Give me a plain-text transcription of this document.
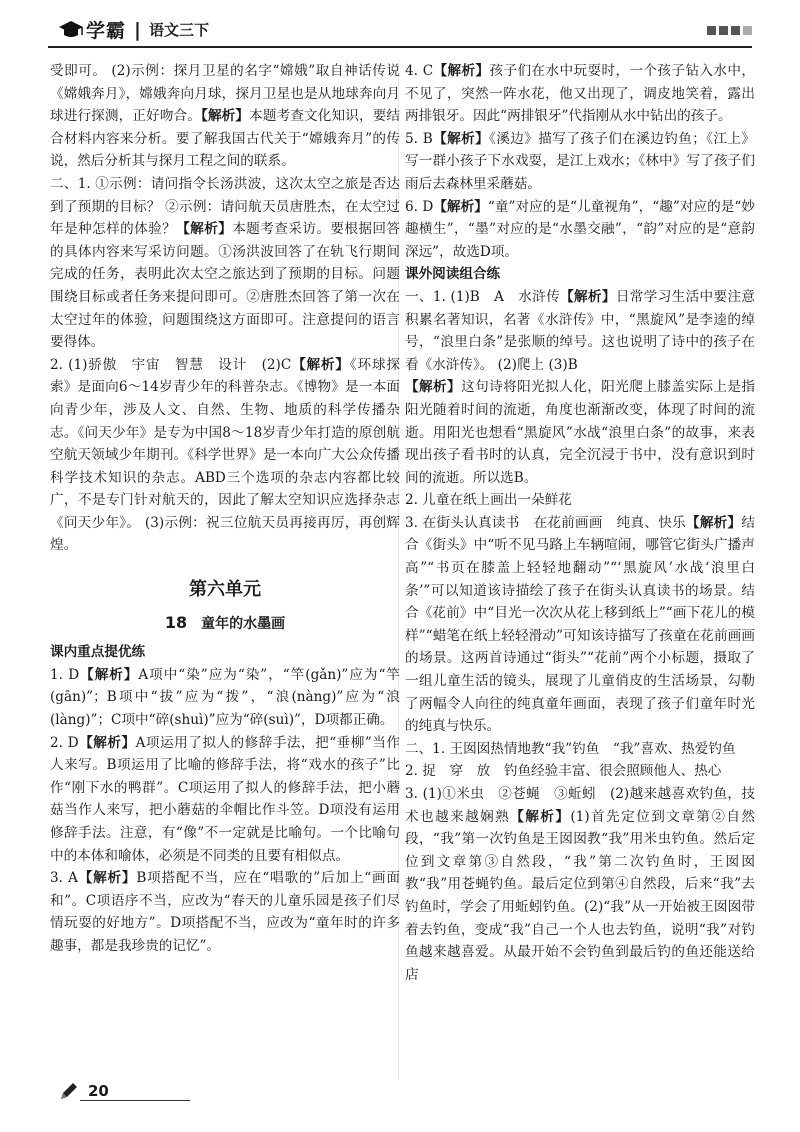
学霸 | 语文三下

受即可。 (2)示例：探月卫星的名字“嫦娥”取自神话传说《嫦娥奔月》，嫦娥奔向月球，探月卫星也是从地球奔向月球进行探测，正好吻合。【解析】本题考查文化知识，要结合材料内容来分析。要了解我国古代关于“嫦娥奔月”的传说，然后分析其与探月工程之间的联系。

二、1. ①示例：请问指令长汤洪波，这次太空之旅是否达到了预期的目标？ ②示例：请问航天员唐胜杰，在太空过年是种怎样的体验？【解析】本题考查采访。要根据回答的具体内容来写采访问题。①汤洪波回答了在轨飞行期间完成的任务，表明此次太空之旅达到了预期的目标。问题围绕目标或者任务来提问即可。②唐胜杰回答了第一次在太空过年的体验，问题围绕这方面即可。注意提问的语言要得体。

2. (1)骄傲　宇宙　智慧　设计　(2)C【解析】《环球探索》是面向6～14岁青少年的科普杂志。《博物》是一本面向青少年，涉及人文、自然、生物、地质的科学传播杂志。《问天少年》是专为中国8～18岁青少年打造的原创航空航天领域少年期刊。《科学世界》是一本向广大公众传播科学技术知识的杂志。ABD三个选项的杂志内容都比较广，不是专门针对航天的，因此了解太空知识应选择杂志《问天少年》。 (3)示例：祝三位航天员再接再厉，再创辉煌。

第六单元
18 童年的水墨画
课内重点提优练

1. D【解析】A项中“染”应为“染”，“竿(gǎn)”应为“竿(gān)”；B项中“拔”应为“拨”，“浪(nàng)”应为“浪(làng)”；C项中“碎(shuì)”应为“碎(suì)”，D项都正确。

2. D【解析】A项运用了拟人的修辞手法，把“垂柳”当作人来写。B项运用了比喻的修辞手法，将“戏水的孩子”比作“刚下水的鸭群”。C项运用了拟人的修辞手法，把小蘑菇当作人来写，把小蘑菇的伞帽比作斗笠。D项没有运用修辞手法。注意，有“像”不一定就是比喻句。一个比喻句中的本体和喻体，必须是不同类的且要有相似点。

3. A【解析】B项搭配不当，应在“唱歌的”后加上“画面和”。C项语序不当，应改为“春天的儿童乐园是孩子们尽情玩耍的好地方”。D项搭配不当，应改为“童年时的许多趣事，都是我珍贵的记忆”。

4. C【解析】孩子们在水中玩耍时，一个孩子钻入水中，不见了，突然一阵水花，他又出现了，调皮地笑着，露出两排银牙。因此“两排银牙”代指刚从水中钻出的孩子。

5. B【解析】《溪边》描写了孩子们在溪边钓鱼；《江上》写一群小孩子下水戏耍，是江上戏水；《林中》写了孩子们雨后去森林里采蘑菇。

6. D【解析】“童”对应的是“儿童视角”，“趣”对应的是“妙趣横生”，“墨”对应的是“水墨交融”，“韵”对应的是“意韵深远”，故选D项。

课外阅读组合练

一、1. (1)B　A　水浒传【解析】日常学习生活中要注意积累名著知识，名著《水浒传》中，“黑旋风”是李逵的绰号，“浪里白条”是张顺的绰号。这也说明了诗中的孩子在看《水浒传》。 (2)爬上 (3)B

【解析】这句诗将阳光拟人化，阳光爬上膝盖实际上是指阳光随着时间的流逝，角度也渐渐改变，体现了时间的流逝。用阳光也想看“黑旋风”水战“浪里白条”的故事，来表现出孩子看书时的认真，完全沉浸于书中，没有意识到时间的流逝。所以选B。

2. 儿童在纸上画出一朵鲜花

3. 在街头认真读书　在花前画画　纯真、快乐【解析】结合《街头》中“听不见马路上车辆喧闹，哪管它街头广播声高”“书页在膝盖上轻轻地翻动”“‘黑旋风’水战‘浪里白条’”可以知道该诗描绘了孩子在街头认真读书的场景。结合《花前》中“目光一次次从花上移到纸上”“画下花儿的模样”“蜡笔在纸上轻轻滑动”可知该诗描写了孩童在花前画画的场景。这两首诗通过“街头”“花前”两个小标题，摄取了一组儿童生活的镜头，展现了儿童俏皮的生活场景，勾勒了两幅令人向往的纯真童年画面，表现了孩子们童年时光的纯真与快乐。

二、1. 王囡囡热情地教“我”钓鱼　“我”喜欢、热爱钓鱼

2. 捉　穿　放　钓鱼经验丰富、很会照顾他人、热心

3. (1)①米虫　②苍蝇　③蚯蚓　(2)越来越喜欢钓鱼，技术也越来越娴熟【解析】(1)首先定位到文章第②自然段，“我”第一次钓鱼是王囡囡教“我”用米虫钓鱼。然后定位到文章第③自然段，“我”第二次钓鱼时，王囡囡教“我”用苍蝇钓鱼。最后定位到第④自然段，后来“我”去钓鱼时，学会了用蚯蚓钓鱼。(2)“我”从一开始被王囡囡带着去钓鱼，变成“我”自己一个人也去钓鱼，说明“我”对钓鱼越来越喜爱。从最开始不会钓鱼到最后钓的鱼还能送给店

20
